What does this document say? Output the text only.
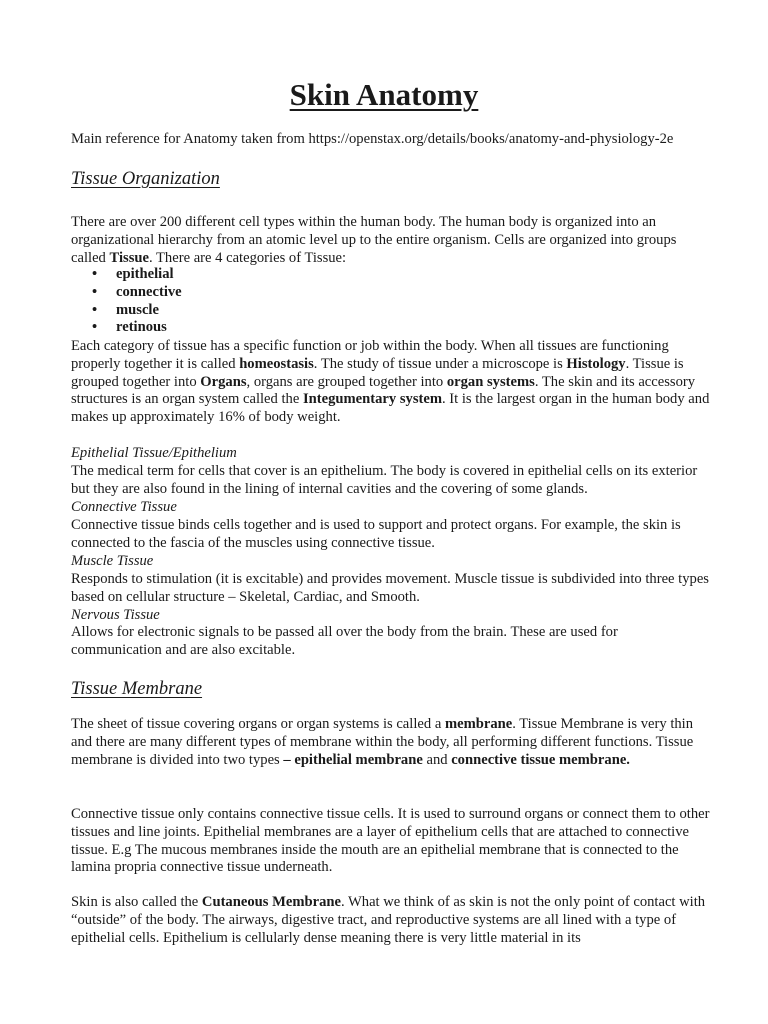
Skin Anatomy

Main reference for Anatomy taken from https://openstax.org/details/books/anatomy-and-physiology-2e

Tissue Organization

There are over 200 different cell types within the human body. The human body is organized into an organizational hierarchy from an atomic level up to the entire organism. Cells are organized into groups called Tissue. There are 4 categories of Tissue:

• epithelial
• connective
• muscle
• retinous

Each category of tissue has a specific function or job within the body. When all tissues are functioning properly together it is called homeostasis. The study of tissue under a microscope is Histology. Tissue is grouped together into Organs, organs are grouped together into organ systems. The skin and its accessory structures is an organ system called the Integumentary system. It is the largest organ in the human body and makes up approximately 16% of body weight.

Epithelial Tissue/Epithelium

The medical term for cells that cover is an epithelium. The body is covered in epithelial cells on its exterior but they are also found in the lining of internal cavities and the covering of some glands.

Connective Tissue

Connective tissue binds cells together and is used to support and protect organs. For example, the skin is connected to the fascia of the muscles using connective tissue.

Muscle Tissue

Responds to stimulation (it is excitable) and provides movement. Muscle tissue is subdivided into three types based on cellular structure – Skeletal, Cardiac, and Smooth.

Nervous Tissue

Allows for electronic signals to be passed all over the body from the brain. These are used for communication and are also excitable.

Tissue Membrane

The sheet of tissue covering organs or organ systems is called a membrane. Tissue Membrane is very thin and there are many different types of membrane within the body, all performing different functions. Tissue membrane is divided into two types – epithelial membrane and connective tissue membrane.

Connective tissue only contains connective tissue cells. It is used to surround organs or connect them to other tissues and line joints. Epithelial membranes are a layer of epithelium cells that are attached to connective tissue. E.g The mucous membranes inside the mouth are an epithelial membrane that is connected to the lamina propria connective tissue underneath.

Skin is also called the Cutaneous Membrane. What we think of as skin is not the only point of contact with “outside” of the body. The airways, digestive tract, and reproductive systems are all lined with a type of epithelial cells. Epithelium is cellularly dense meaning there is very little material in its
